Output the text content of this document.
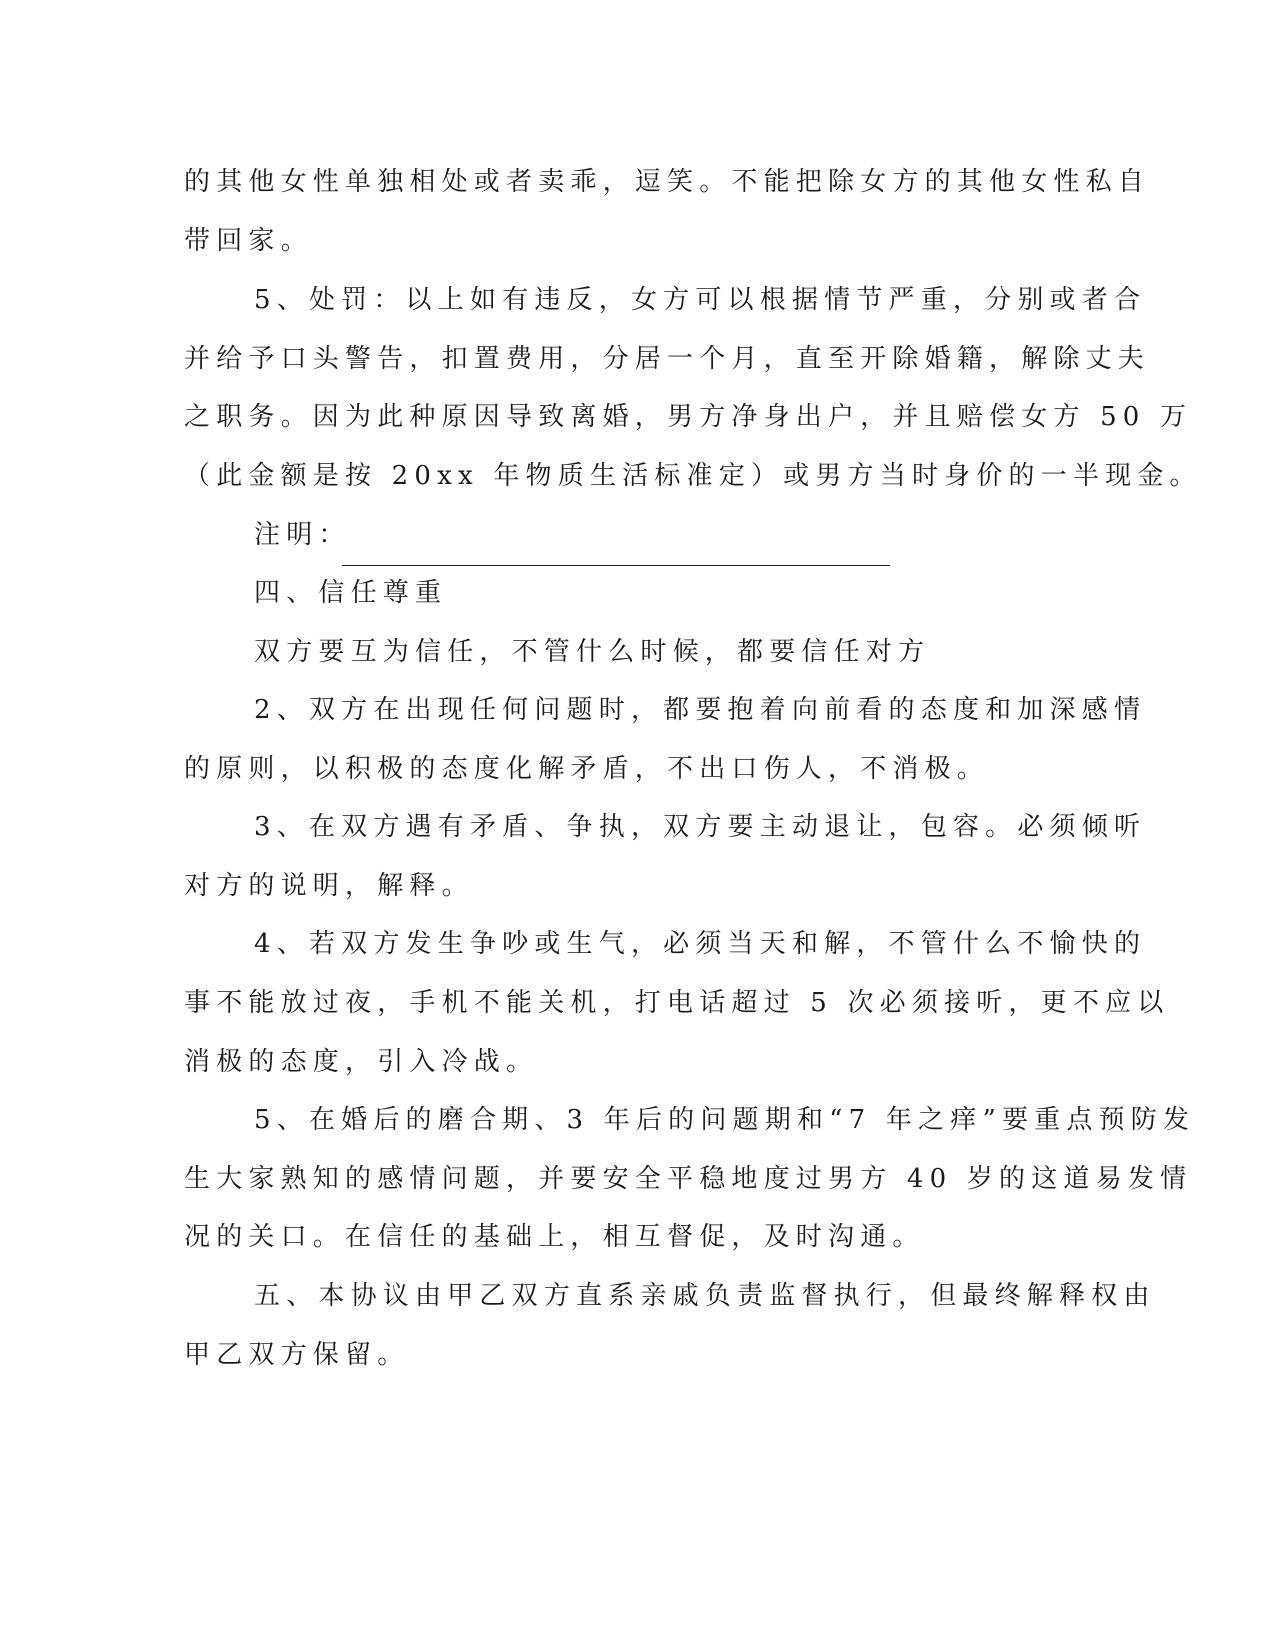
的其他女性单独相处或者卖乖，逗笑。不能把除女方的其他女性私自
带回家。
5、处罚：以上如有违反，女方可以根据情节严重，分别或者合
并给予口头警告，扣置费用，分居一个月，直至开除婚籍，解除丈夫
之职务。因为此种原因导致离婚，男方净身出户，并且赔偿女方 50 万
（此金额是按 20xx 年物质生活标准定）或男方当时身价的一半现金。
注明：
四、信任尊重
双方要互为信任，不管什么时候，都要信任对方
2、双方在出现任何问题时，都要抱着向前看的态度和加深感情
的原则，以积极的态度化解矛盾，不出口伤人，不消极。
3、在双方遇有矛盾、争执，双方要主动退让，包容。必须倾听
对方的说明，解释。
4、若双方发生争吵或生气，必须当天和解，不管什么不愉快的
事不能放过夜，手机不能关机，打电话超过 5 次必须接听，更不应以
消极的态度，引入冷战。
5、在婚后的磨合期、3 年后的问题期和“7 年之痒”要重点预防发
生大家熟知的感情问题，并要安全平稳地度过男方 40 岁的这道易发情
况的关口。在信任的基础上，相互督促，及时沟通。
五、本协议由甲乙双方直系亲戚负责监督执行，但最终解释权由
甲乙双方保留。
